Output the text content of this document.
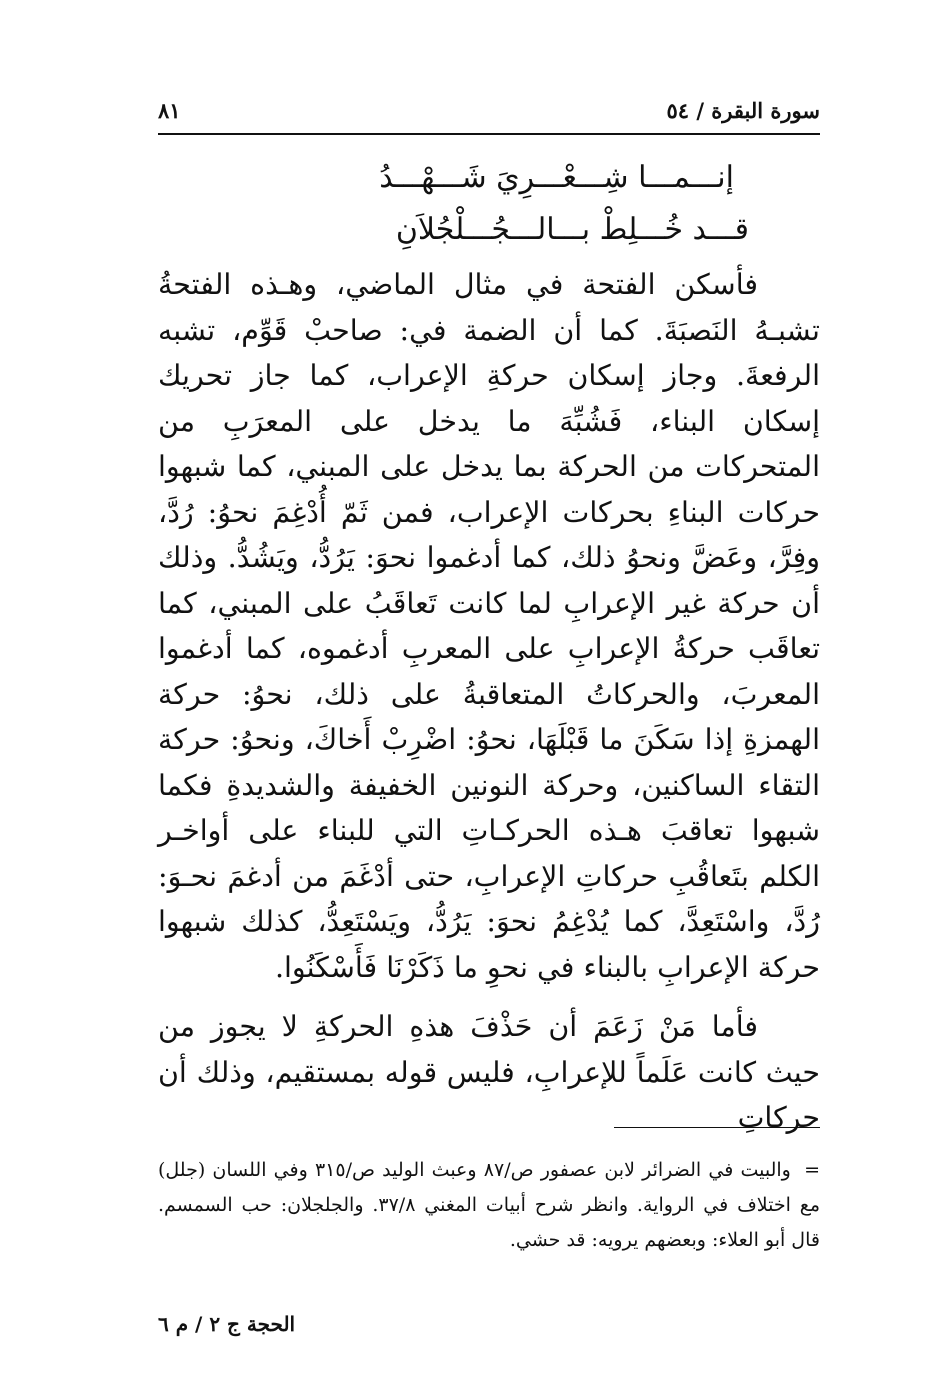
سورة البقرة / ٥٤
٨١
إنـــمـــا شِـــعْـــرِيَ شَـــهْـــدُ
قـــد خُـــلِطْ بـــالـــجُـــلْجُلاَنِ

فأسكن الفتحة في مثال الماضي، وهـذه الفتحةُ تشبـهُ النَصبَةَ. كما أن الضمة في: صاحبْ قَوِّم، تشبه الرفعةَ. وجاز إسكان حركةِ الإعراب، كما جاز تحريك إسكان البناء، فَشُبِّهَ ما يدخل على المعرَبِ من المتحركات من الحركة بما يدخل على المبني، كما شبهوا حركات البناءِ بحركات الإعراب، فمن ثَمّ أُدْغِمَ نحوُ: رُدَّ، وفِرَّ، وعَضَّ ونحوُ ذلك، كما أدغموا نحوَ: يَرُدُّ، ويَشُدُّ. وذلك أن حركة غير الإعرابِ لما كانت تَعاقَبُ على المبني، كما تعاقَب حركةُ الإعرابِ على المعربِ أدغموه، كما أدغموا المعربَ، والحركاتُ المتعاقبةُ على ذلك، نحوُ: حركة الهمزةِ إذا سَكَنَ ما قَبْلَهَا، نحوُ: اضْرِبْ أَخاكَ، ونحوُ: حركة التقاء الساكنين، وحركة النونين الخفيفة والشديدةِ فكما شبهوا تعاقبَ هـذه الحركـاتِ التي للبناء على أواخـر الكلم بتَعاقُبِ حركاتِ الإعرابِ، حتى أدْغَمَ من أدغمَ نحـوَ: رُدَّ، واسْتَعِدَّ، كما يُدْغِمُ نحوَ: يَرُدُّ، ويَسْتَعِدُّ، كذلك شبهوا حركة الإعرابِ بالبناء في نحوِ ما ذَكَرْنَا فَأَسْكَنُوا.

فأما مَنْ زَعَمَ أن حَذْفَ هذهِ الحركةِ لا يجوز من حيث كانت عَلَماً للإعرابِ، فليس قوله بمستقيم، وذلك أن حركاتِ

= والبيت في الضرائر لابن عصفور ص/٨٧ وعبث الوليد ص/٣١٥ وفي اللسان (جلل) مع اختلاف في الرواية. وانظر شرح أبيات المغني ٣٧/٨. والجلجلان: حب السمسم. قال أبو العلاء: وبعضهم يرويه: قد حشي.
الحجة ج ٢ / م ٦
